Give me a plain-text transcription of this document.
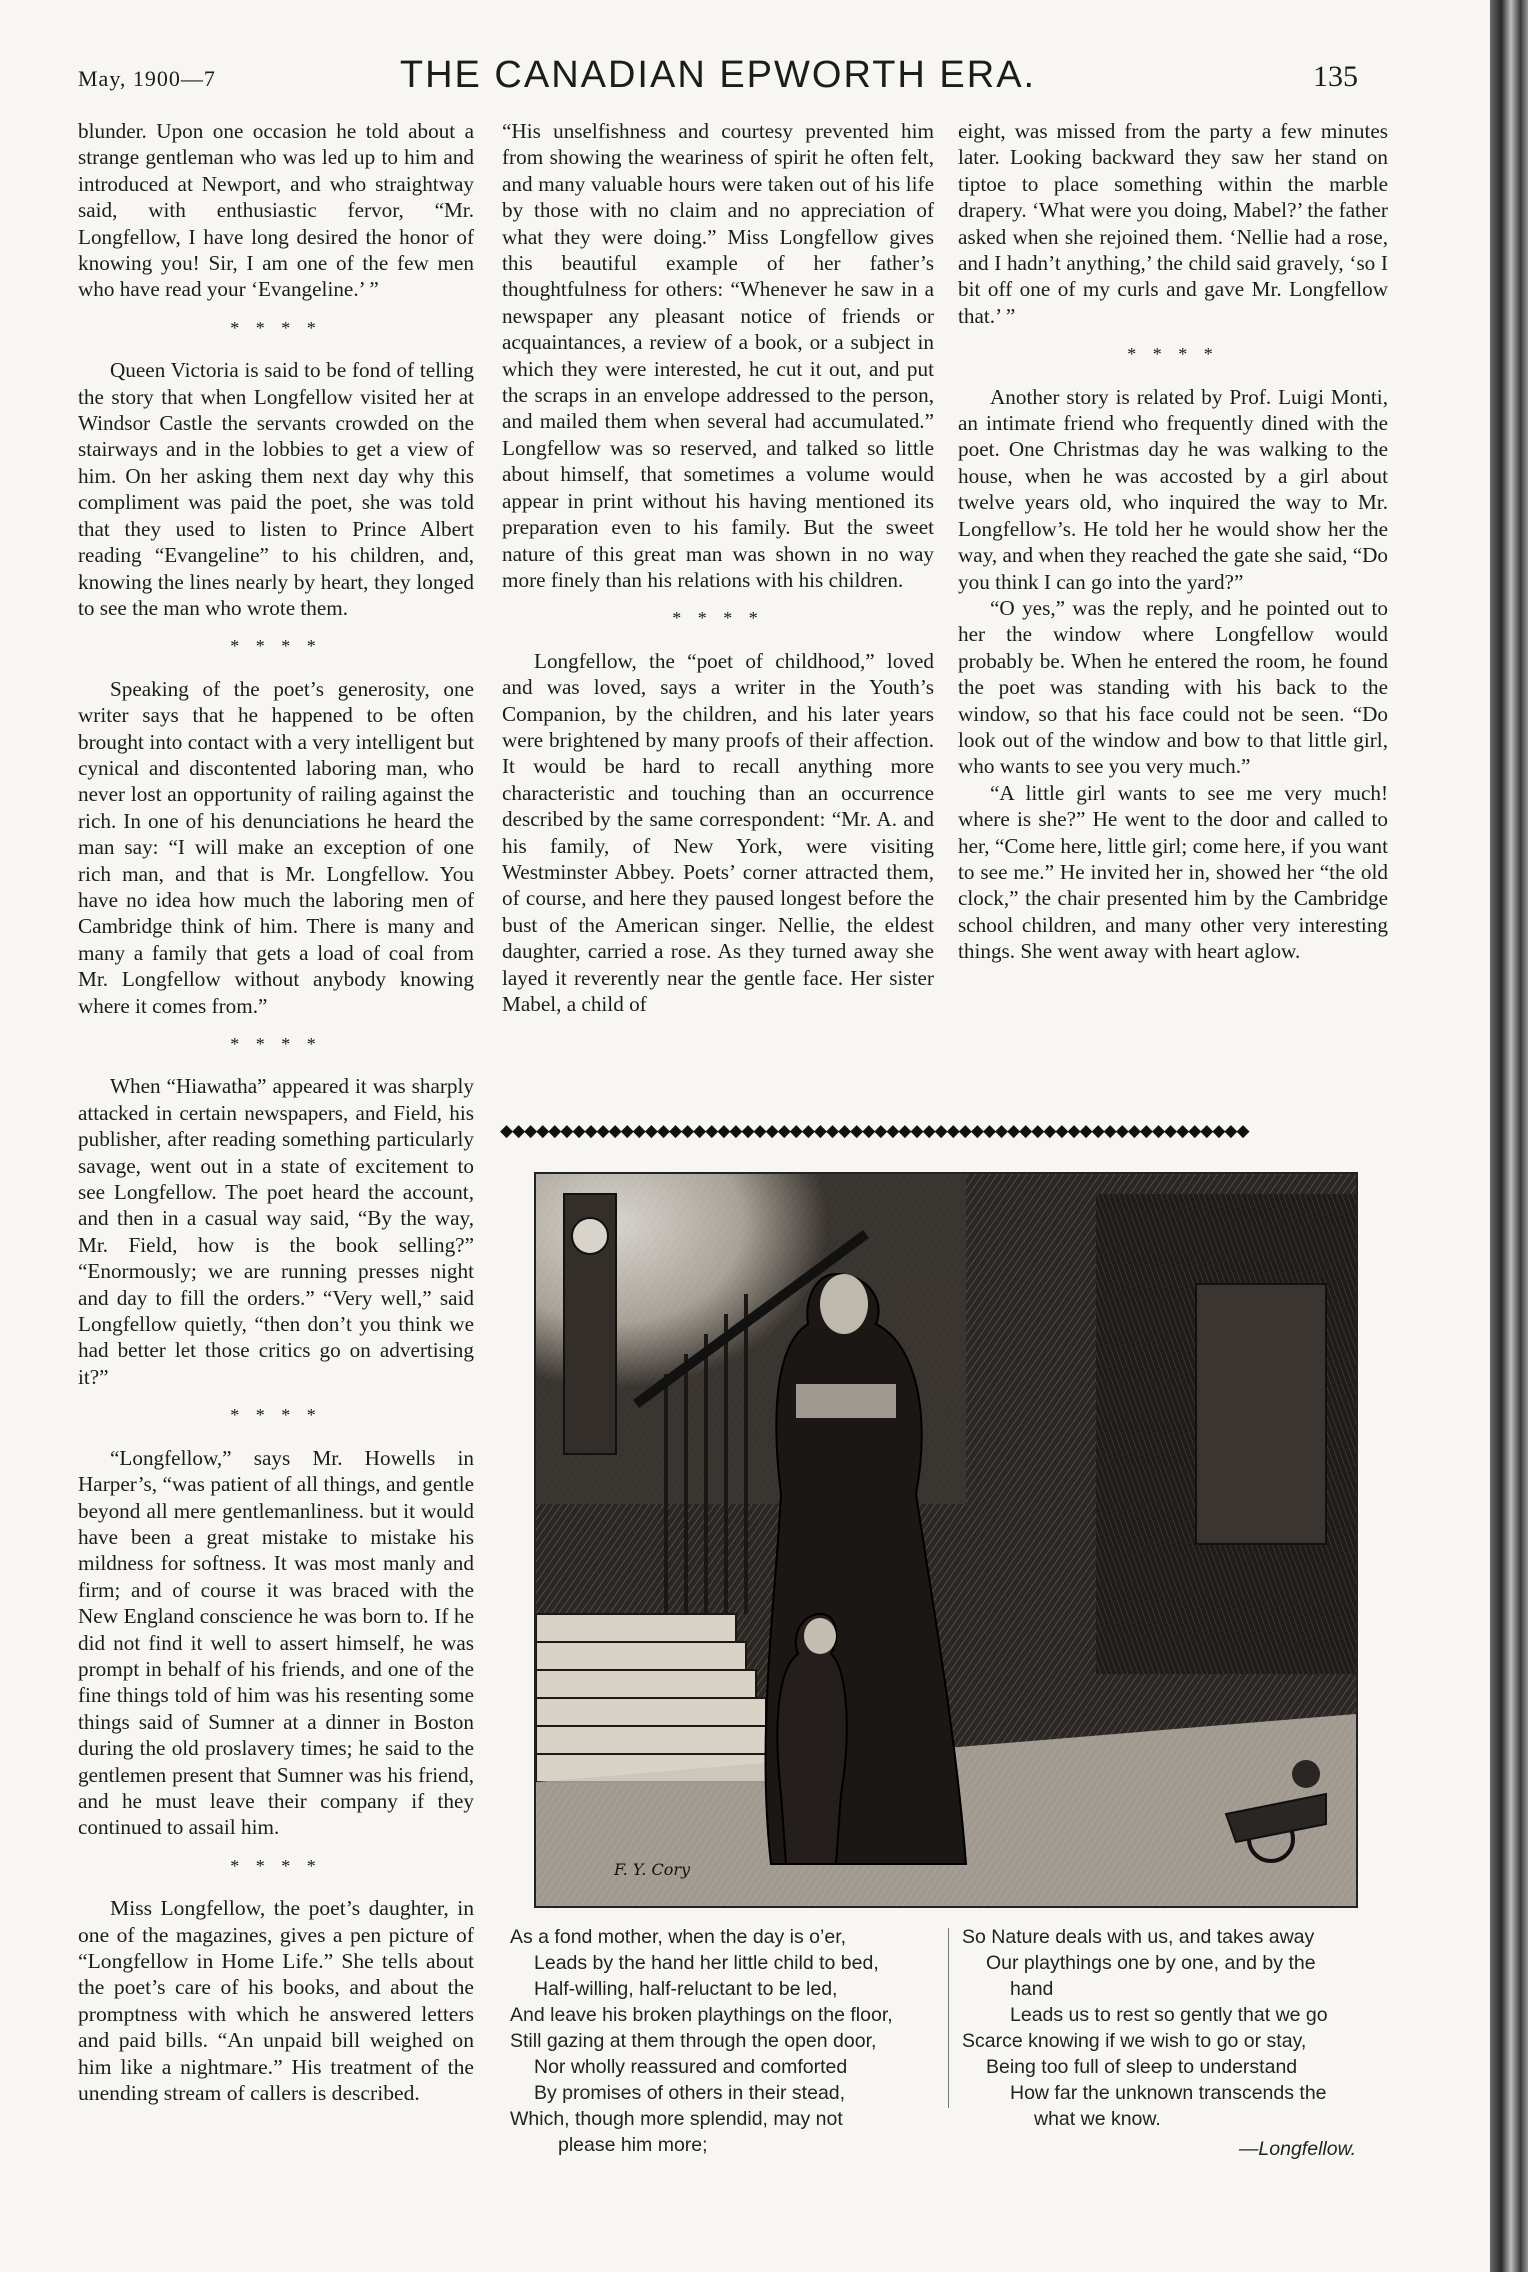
May, 1900—7	THE CANADIAN EPWORTH ERA.	135

blunder. Upon one occasion he told about a strange gentleman who was led up to him and introduced at Newport, and who straightway said, with enthusiastic fervor, “Mr. Longfellow, I have long desired the honor of knowing you! Sir, I am one of the few men who have read your ‘Evangeline.’ ”

* * * *

Queen Victoria is said to be fond of telling the story that when Longfellow visited her at Windsor Castle the servants crowded on the stairways and in the lobbies to get a view of him. On her asking them next day why this compliment was paid the poet, she was told that they used to listen to Prince Albert reading “Evangeline” to his children, and, knowing the lines nearly by heart, they longed to see the man who wrote them.

* * * *

Speaking of the poet’s generosity, one writer says that he happened to be often brought into contact with a very intelligent but cynical and discontented laboring man, who never lost an opportunity of railing against the rich. In one of his denunciations he heard the man say: “I will make an exception of one rich man, and that is Mr. Longfellow. You have no idea how much the laboring men of Cambridge think of him. There is many and many a family that gets a load of coal from Mr. Longfellow without anybody knowing where it comes from.”

* * * *

When “Hiawatha” appeared it was sharply attacked in certain newspapers, and Field, his publisher, after reading something particularly savage, went out in a state of excitement to see Longfellow. The poet heard the account, and then in a casual way said, “By the way, Mr. Field, how is the book selling?” “Enormously; we are running presses night and day to fill the orders.” “Very well,” said Longfellow quietly, “then don’t you think we had better let those critics go on advertising it?”

* * * *

“Longfellow,” says Mr. Howells in Harper’s, “was patient of all things, and gentle beyond all mere gentlemanliness. but it would have been a great mistake to mistake his mildness for softness. It was most manly and firm; and of course it was braced with the New England conscience he was born to. If he did not find it well to assert himself, he was prompt in behalf of his friends, and one of the fine things told of him was his resenting some things said of Sumner at a dinner in Boston during the old proslavery times; he said to the gentlemen present that Sumner was his friend, and he must leave their company if they continued to assail him.

* * * *

Miss Longfellow, the poet’s daughter, in one of the magazines, gives a pen picture of “Longfellow in Home Life.” She tells about the poet’s care of his books, and about the promptness with which he answered letters and paid bills. “An unpaid bill weighed on him like a nightmare.” His treatment of the unending stream of callers is described.

“His unselfishness and courtesy prevented him from showing the weariness of spirit he often felt, and many valuable hours were taken out of his life by those with no claim and no appreciation of what they were doing.” Miss Longfellow gives this beautiful example of her father’s thoughtfulness for others: “Whenever he saw in a newspaper any pleasant notice of friends or acquaintances, a review of a book, or a subject in which they were interested, he cut it out, and put the scraps in an envelope addressed to the person, and mailed them when several had accumulated.” Longfellow was so reserved, and talked so little about himself, that sometimes a volume would appear in print without his having mentioned its preparation even to his family. But the sweet nature of this great man was shown in no way more finely than his relations with his children.

* * * *

Longfellow, the “poet of childhood,” loved and was loved, says a writer in the Youth’s Companion, by the children, and his later years were brightened by many proofs of their affection. It would be hard to recall anything more characteristic and touching than an occurrence described by the same correspondent: “Mr. A. and his family, of New York, were visiting Westminster Abbey. Poets’ corner attracted them, of course, and here they paused longest before the bust of the American singer. Nellie, the eldest daughter, carried a rose. As they turned away she layed it reverently near the gentle face. Her sister Mabel, a child of

eight, was missed from the party a few minutes later. Looking backward they saw her stand on tiptoe to place something within the marble drapery. ‘What were you doing, Mabel?’ the father asked when she rejoined them. ‘Nellie had a rose, and I hadn’t anything,’ the child said gravely, ‘so I bit off one of my curls and gave Mr. Longfellow that.’ ”

* * * *

Another story is related by Prof. Luigi Monti, an intimate friend who frequently dined with the poet. One Christmas day he was walking to the house, when he was accosted by a girl about twelve years old, who inquired the way to Mr. Longfellow’s. He told her he would show her the way, and when they reached the gate she said, “Do you think I can go into the yard?”

“O yes,” was the reply, and he pointed out to her the window where Longfellow would probably be. When he entered the room, he found the poet was standing with his back to the window, so that his face could not be seen. “Do look out of the window and bow to that little girl, who wants to see you very much.”

“A little girl wants to see me very much! where is she?” He went to the door and called to her, “Come here, little girl; come here, if you want to see me.” He invited her in, showed her “the old clock,” the chair presented him by the Cambridge school children, and many other very interesting things. She went away with heart aglow.

◆◆◆◆◆◆◆◆◆◆◆◆◆◆◆◆◆◆◆◆◆◆◆◆◆◆◆◆◆◆◆◆◆◆◆◆◆◆◆◆◆◆◆◆◆◆◆◆◆◆◆◆◆◆◆◆◆◆◆◆◆◆
F. Y. Cory
As a fond mother, when the day is o’er,
Leads by the hand her little child to bed,
Half-willing, half-reluctant to be led,
And leave his broken playthings on the floor,
Still gazing at them through the open door,
Nor wholly reassured and comforted
By promises of others in their stead,
Which, though more splendid, may not
please him more;
So Nature deals with us, and takes away
Our playthings one by one, and by the
hand
Leads us to rest so gently that we go
Scarce knowing if we wish to go or stay,
Being too full of sleep to understand
How far the unknown transcends the
what we know.
—Longfellow.
